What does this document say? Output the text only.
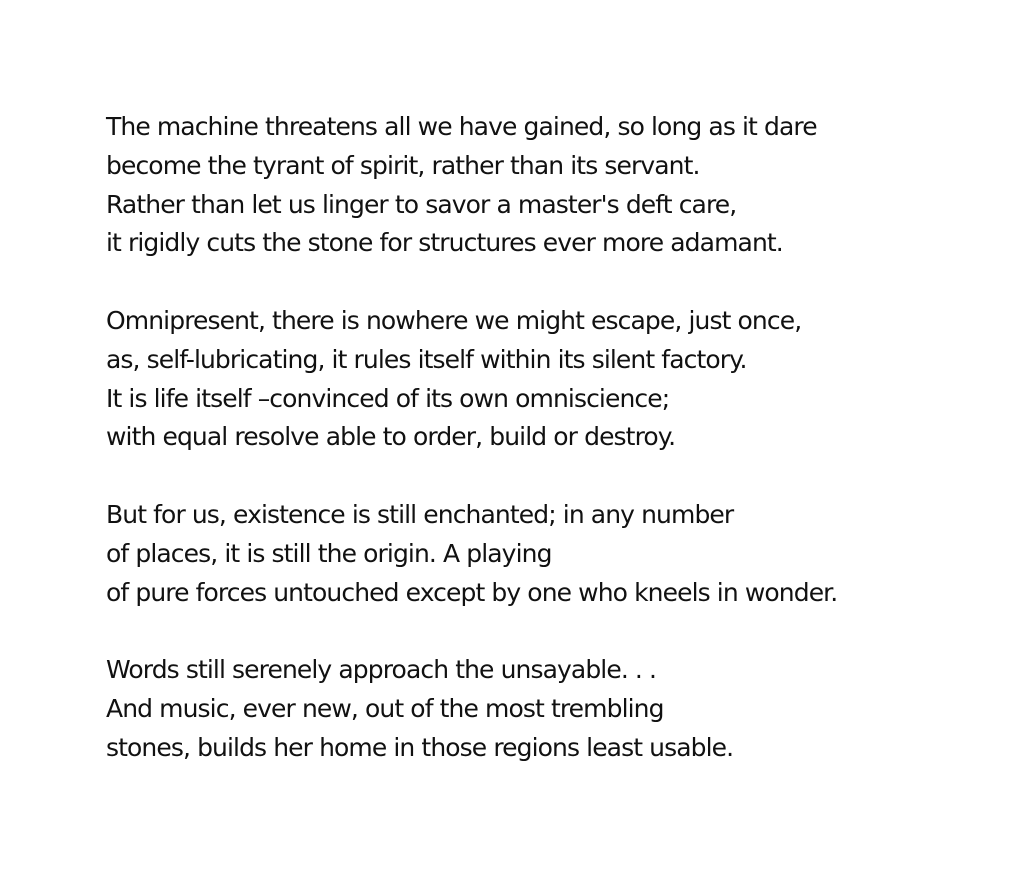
The machine threatens all we have gained, so long as it dare
become the tyrant of spirit, rather than its servant.
Rather than let us linger to savor a master's deft care,
it rigidly cuts the stone for structures ever more adamant.
Omnipresent, there is nowhere we might escape, just once,
as, self-lubricating, it rules itself within its silent factory.
It is life itself –convinced of its own omniscience;
with equal resolve able to order, build or destroy.
But for us, existence is still enchanted; in any number
of places, it is still the origin. A playing
of pure forces untouched except by one who kneels in wonder.
Words still serenely approach the unsayable. . .
And music, ever new, out of the most trembling
stones, builds her home in those regions least usable.
